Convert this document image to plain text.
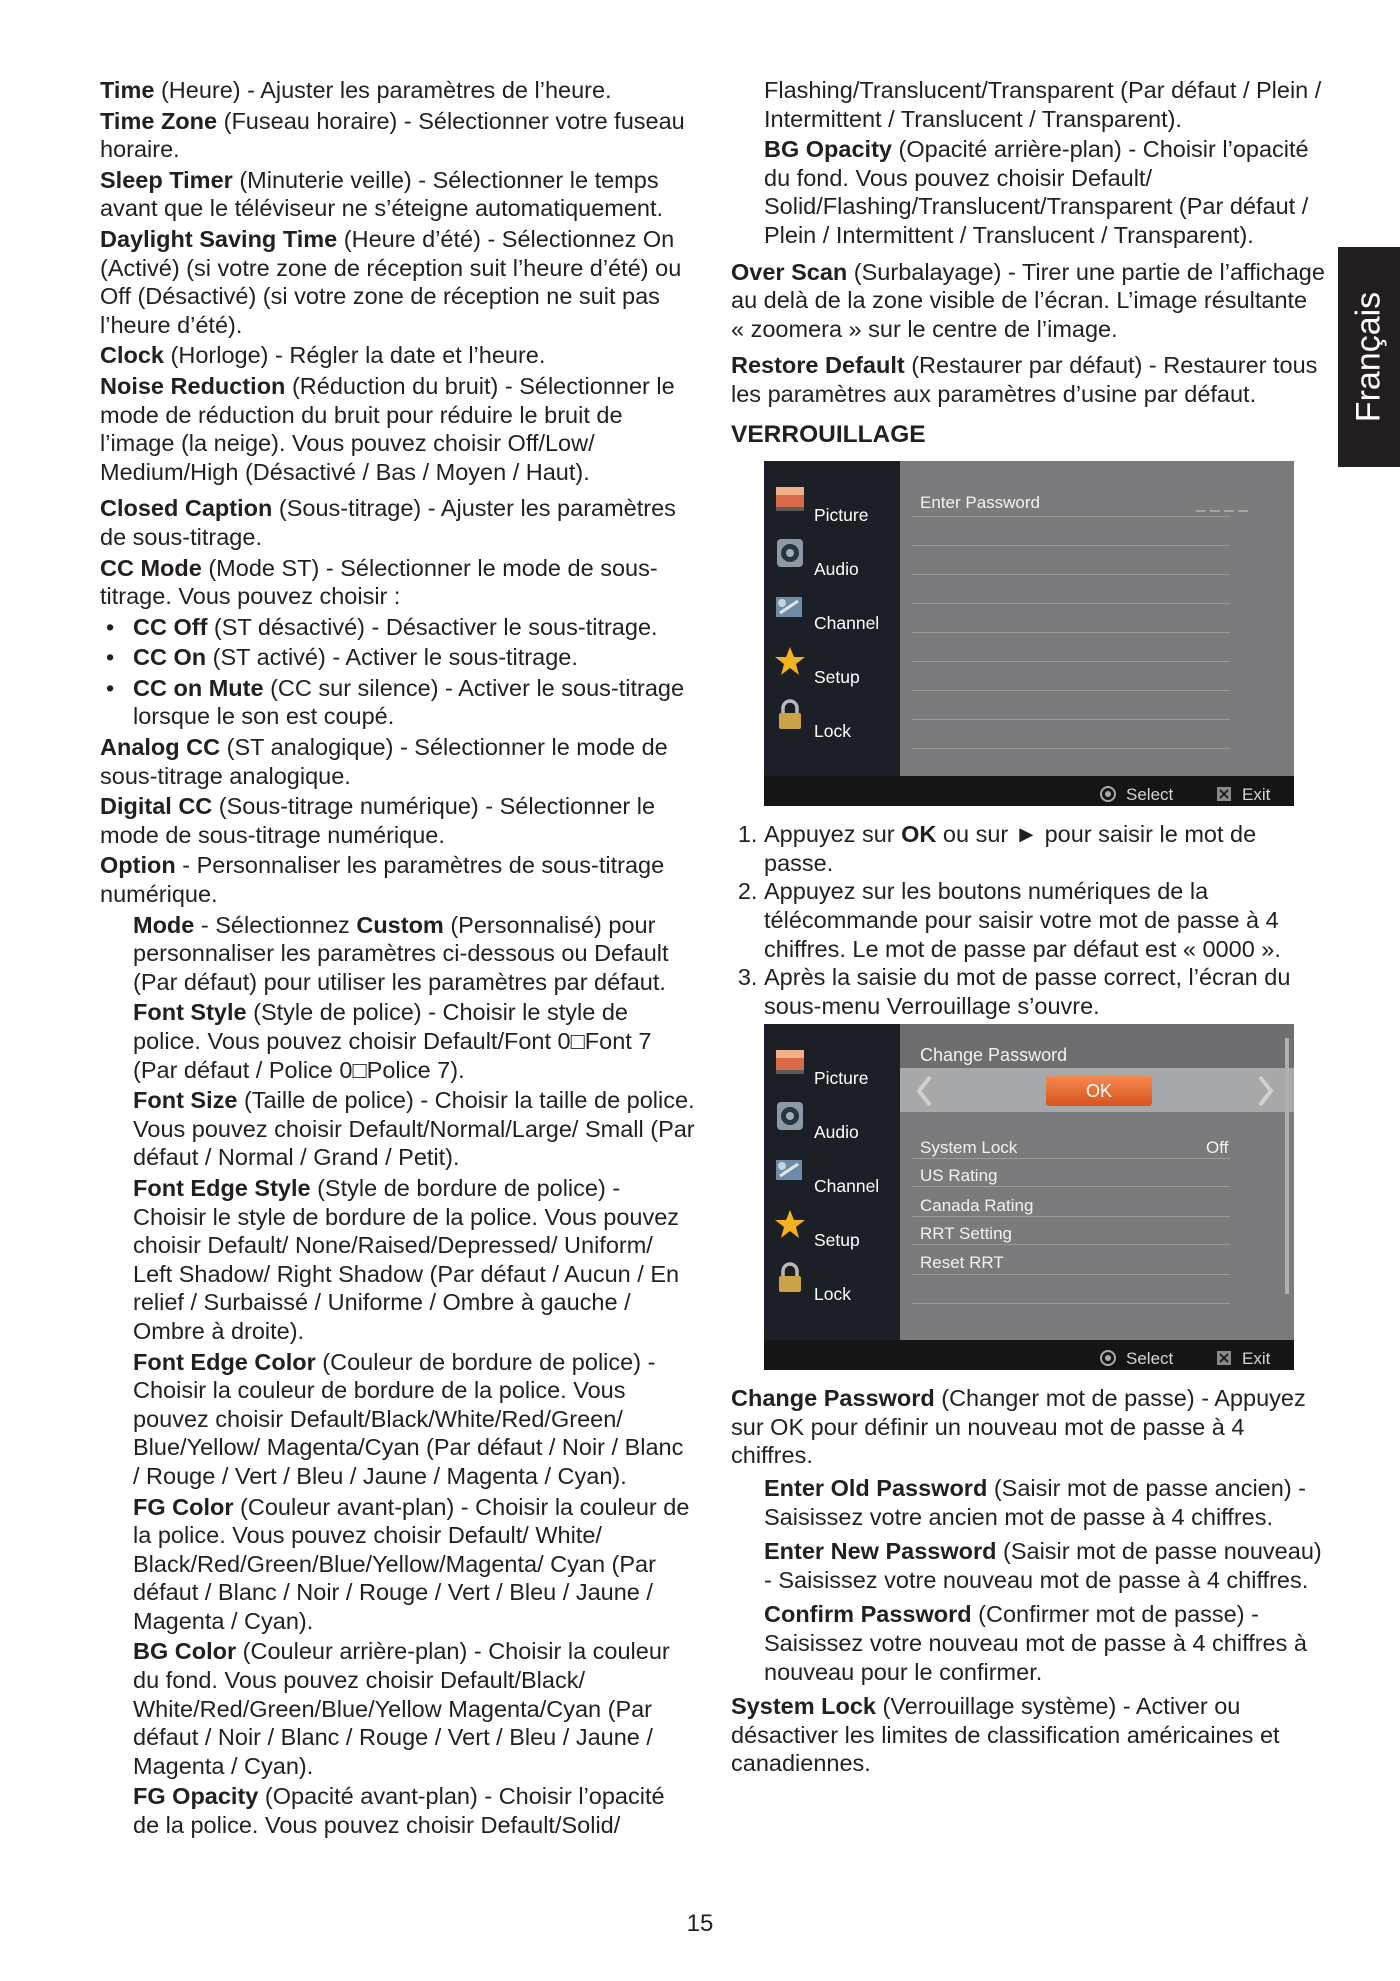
Français

Time (Heure) - Ajuster les paramètres de l’heure.

Time Zone (Fuseau horaire) - Sélectionner votre fuseau horaire.

Sleep Timer (Minuterie veille) - Sélectionner le temps avant que le téléviseur ne s’éteigne automatiquement.

Daylight Saving Time (Heure d’été) - Sélectionnez On (Activé) (si votre zone de réception suit l’heure d’été) ou Off (Désactivé) (si votre zone de réception ne suit pas l’heure d’été).

Clock (Horloge) - Régler la date et l’heure.

Noise Reduction (Réduction du bruit) - Sélectionner le mode de réduction du bruit pour réduire le bruit de l’image (la neige). Vous pouvez choisir Off/Low/ Medium/High (Désactivé / Bas / Moyen / Haut).

Closed Caption (Sous-titrage) - Ajuster les paramètres de sous-titrage.

CC Mode (Mode ST) - Sélectionner le mode de sous-titrage. Vous pouvez choisir :

• CC Off (ST désactivé) - Désactiver le sous-titrage.

• CC On (ST activé) - Activer le sous-titrage.

• CC on Mute (CC sur silence) - Activer le sous-titrage lorsque le son est coupé.

Analog CC (ST analogique) - Sélectionner le mode de sous-titrage analogique.

Digital CC (Sous-titrage numérique) - Sélectionner le mode de sous-titrage numérique.

Option - Personnaliser les paramètres de sous-titrage numérique.

Mode - Sélectionnez Custom (Personnalisé) pour personnaliser les paramètres ci-dessous ou Default (Par défaut) pour utiliser les paramètres par défaut.

Font Style (Style de police) - Choisir le style de police. Vous pouvez choisir Default/Font 0□Font 7 (Par défaut / Police 0□Police 7).

Font Size (Taille de police) - Choisir la taille de police. Vous pouvez choisir Default/Normal/Large/ Small (Par défaut / Normal / Grand / Petit).

Font Edge Style (Style de bordure de police) - Choisir le style de bordure de la police. Vous pouvez choisir Default/ None/Raised/Depressed/ Uniform/ Left Shadow/ Right Shadow (Par défaut / Aucun / En relief / Surbaissé / Uniforme / Ombre à gauche / Ombre à droite).

Font Edge Color (Couleur de bordure de police) - Choisir la couleur de bordure de la police. Vous pouvez choisir Default/Black/White/Red/Green/ Blue/Yellow/ Magenta/Cyan (Par défaut / Noir / Blanc / Rouge / Vert / Bleu / Jaune / Magenta / Cyan).

FG Color (Couleur avant-plan) - Choisir la couleur de la police. Vous pouvez choisir Default/ White/ Black/Red/Green/Blue/Yellow/Magenta/ Cyan (Par défaut / Blanc / Noir / Rouge / Vert / Bleu / Jaune / Magenta / Cyan).

BG Color (Couleur arrière-plan) - Choisir la couleur du fond. Vous pouvez choisir Default/Black/ White/Red/Green/Blue/Yellow Magenta/Cyan (Par défaut / Noir / Blanc / Rouge / Vert / Bleu / Jaune / Magenta / Cyan).

FG Opacity (Opacité avant-plan) - Choisir l’opacité de la police. Vous pouvez choisir Default/Solid/

Flashing/Translucent/Transparent (Par défaut / Plein / Intermittent / Translucent / Transparent).

BG Opacity (Opacité arrière-plan) - Choisir l’opacité du fond. Vous pouvez choisir Default/ Solid/Flashing/Translucent/Transparent (Par défaut / Plein / Intermittent / Translucent / Transparent).

Over Scan (Surbalayage) - Tirer une partie de l’affichage au delà de la zone visible de l’écran. L’image résultante « zoomera » sur le centre de l’image.

Restore Default (Restaurer par défaut) - Restaurer tous les paramètres aux paramètres d’usine par défaut.

VERROUILLAGE
Picture
Audio
Channel
Setup
Lock
Enter Password	_ _ _ _
Select	Exit
1. Appuyez sur OK ou sur ► pour saisir le mot de passe.
2. Appuyez sur les boutons numériques de la télécommande pour saisir votre mot de passe à 4 chiffres. Le mot de passe par défaut est « 0000 ».
3. Après la saisie du mot de passe correct, l’écran du sous-menu Verrouillage s’ouvre.
Picture
Audio
Channel
Setup
Lock
Change Password
OK
System Lock	Off
US Rating
Canada Rating
RRT Setting
Reset RRT
Select	Exit

Change Password (Changer mot de passe) - Appuyez sur OK pour définir un nouveau mot de passe à 4 chiffres.

Enter Old Password (Saisir mot de passe ancien) -Saisissez votre ancien mot de passe à 4 chiffres.

Enter New Password (Saisir mot de passe nouveau) - Saisissez votre nouveau mot de passe à 4 chiffres.

Confirm Password (Confirmer mot de passe) - Saisissez votre nouveau mot de passe à 4 chiffres à nouveau pour le confirmer.

System Lock (Verrouillage système) - Activer ou désactiver les limites de classification américaines et canadiennes.

15
